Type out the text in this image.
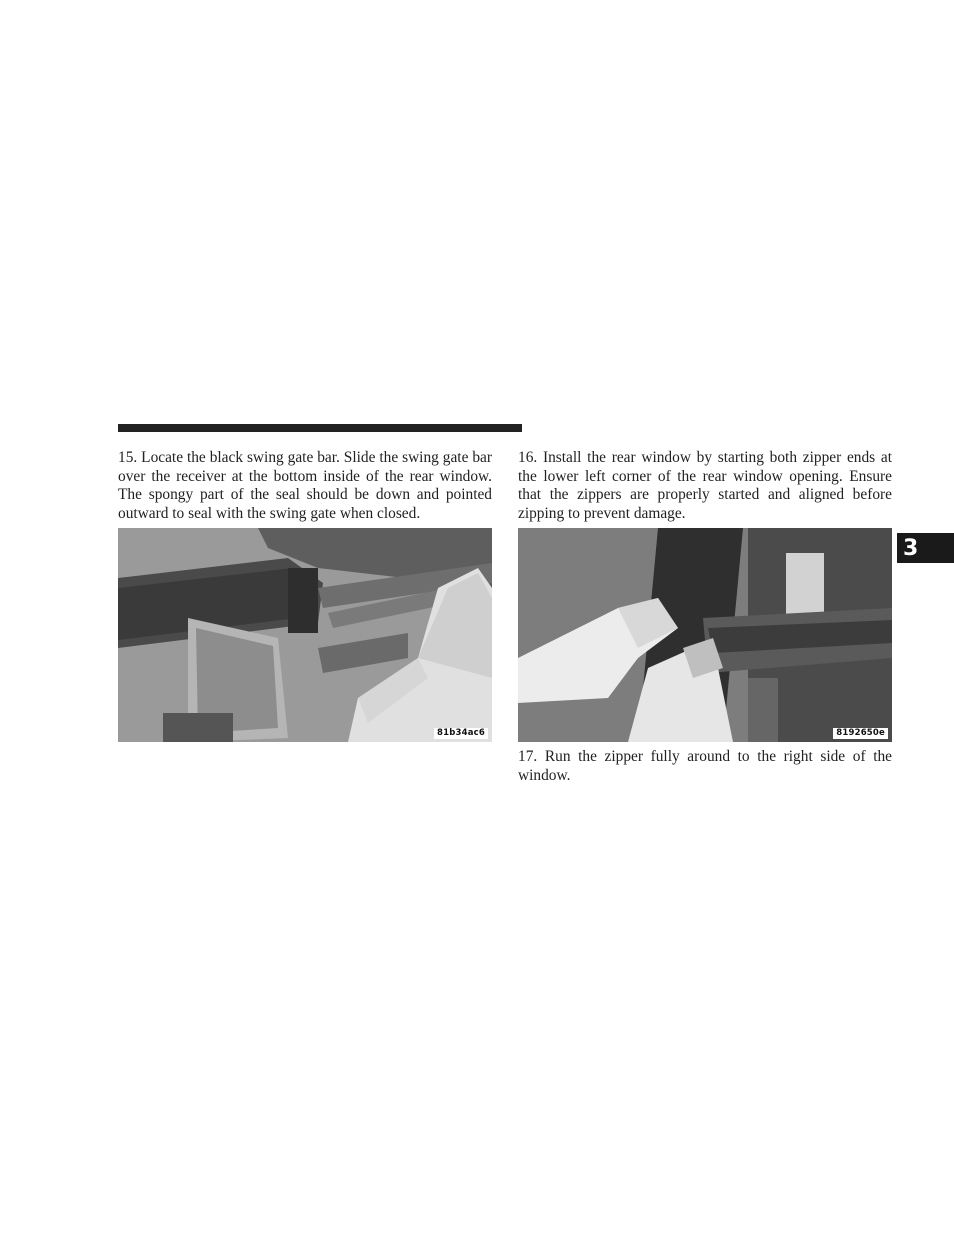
15. Locate the black swing gate bar. Slide the swing gate bar over the receiver at the bottom inside of the rear window. The spongy part of the seal should be down and pointed outward to seal with the swing gate when closed.

81b34ac6

16. Install the rear window by starting both zipper ends at the lower left corner of the rear window opening. Ensure that the zippers are properly started and aligned before zipping to prevent damage.

8192650e

17. Run the zipper fully around to the right side of the window.

3
